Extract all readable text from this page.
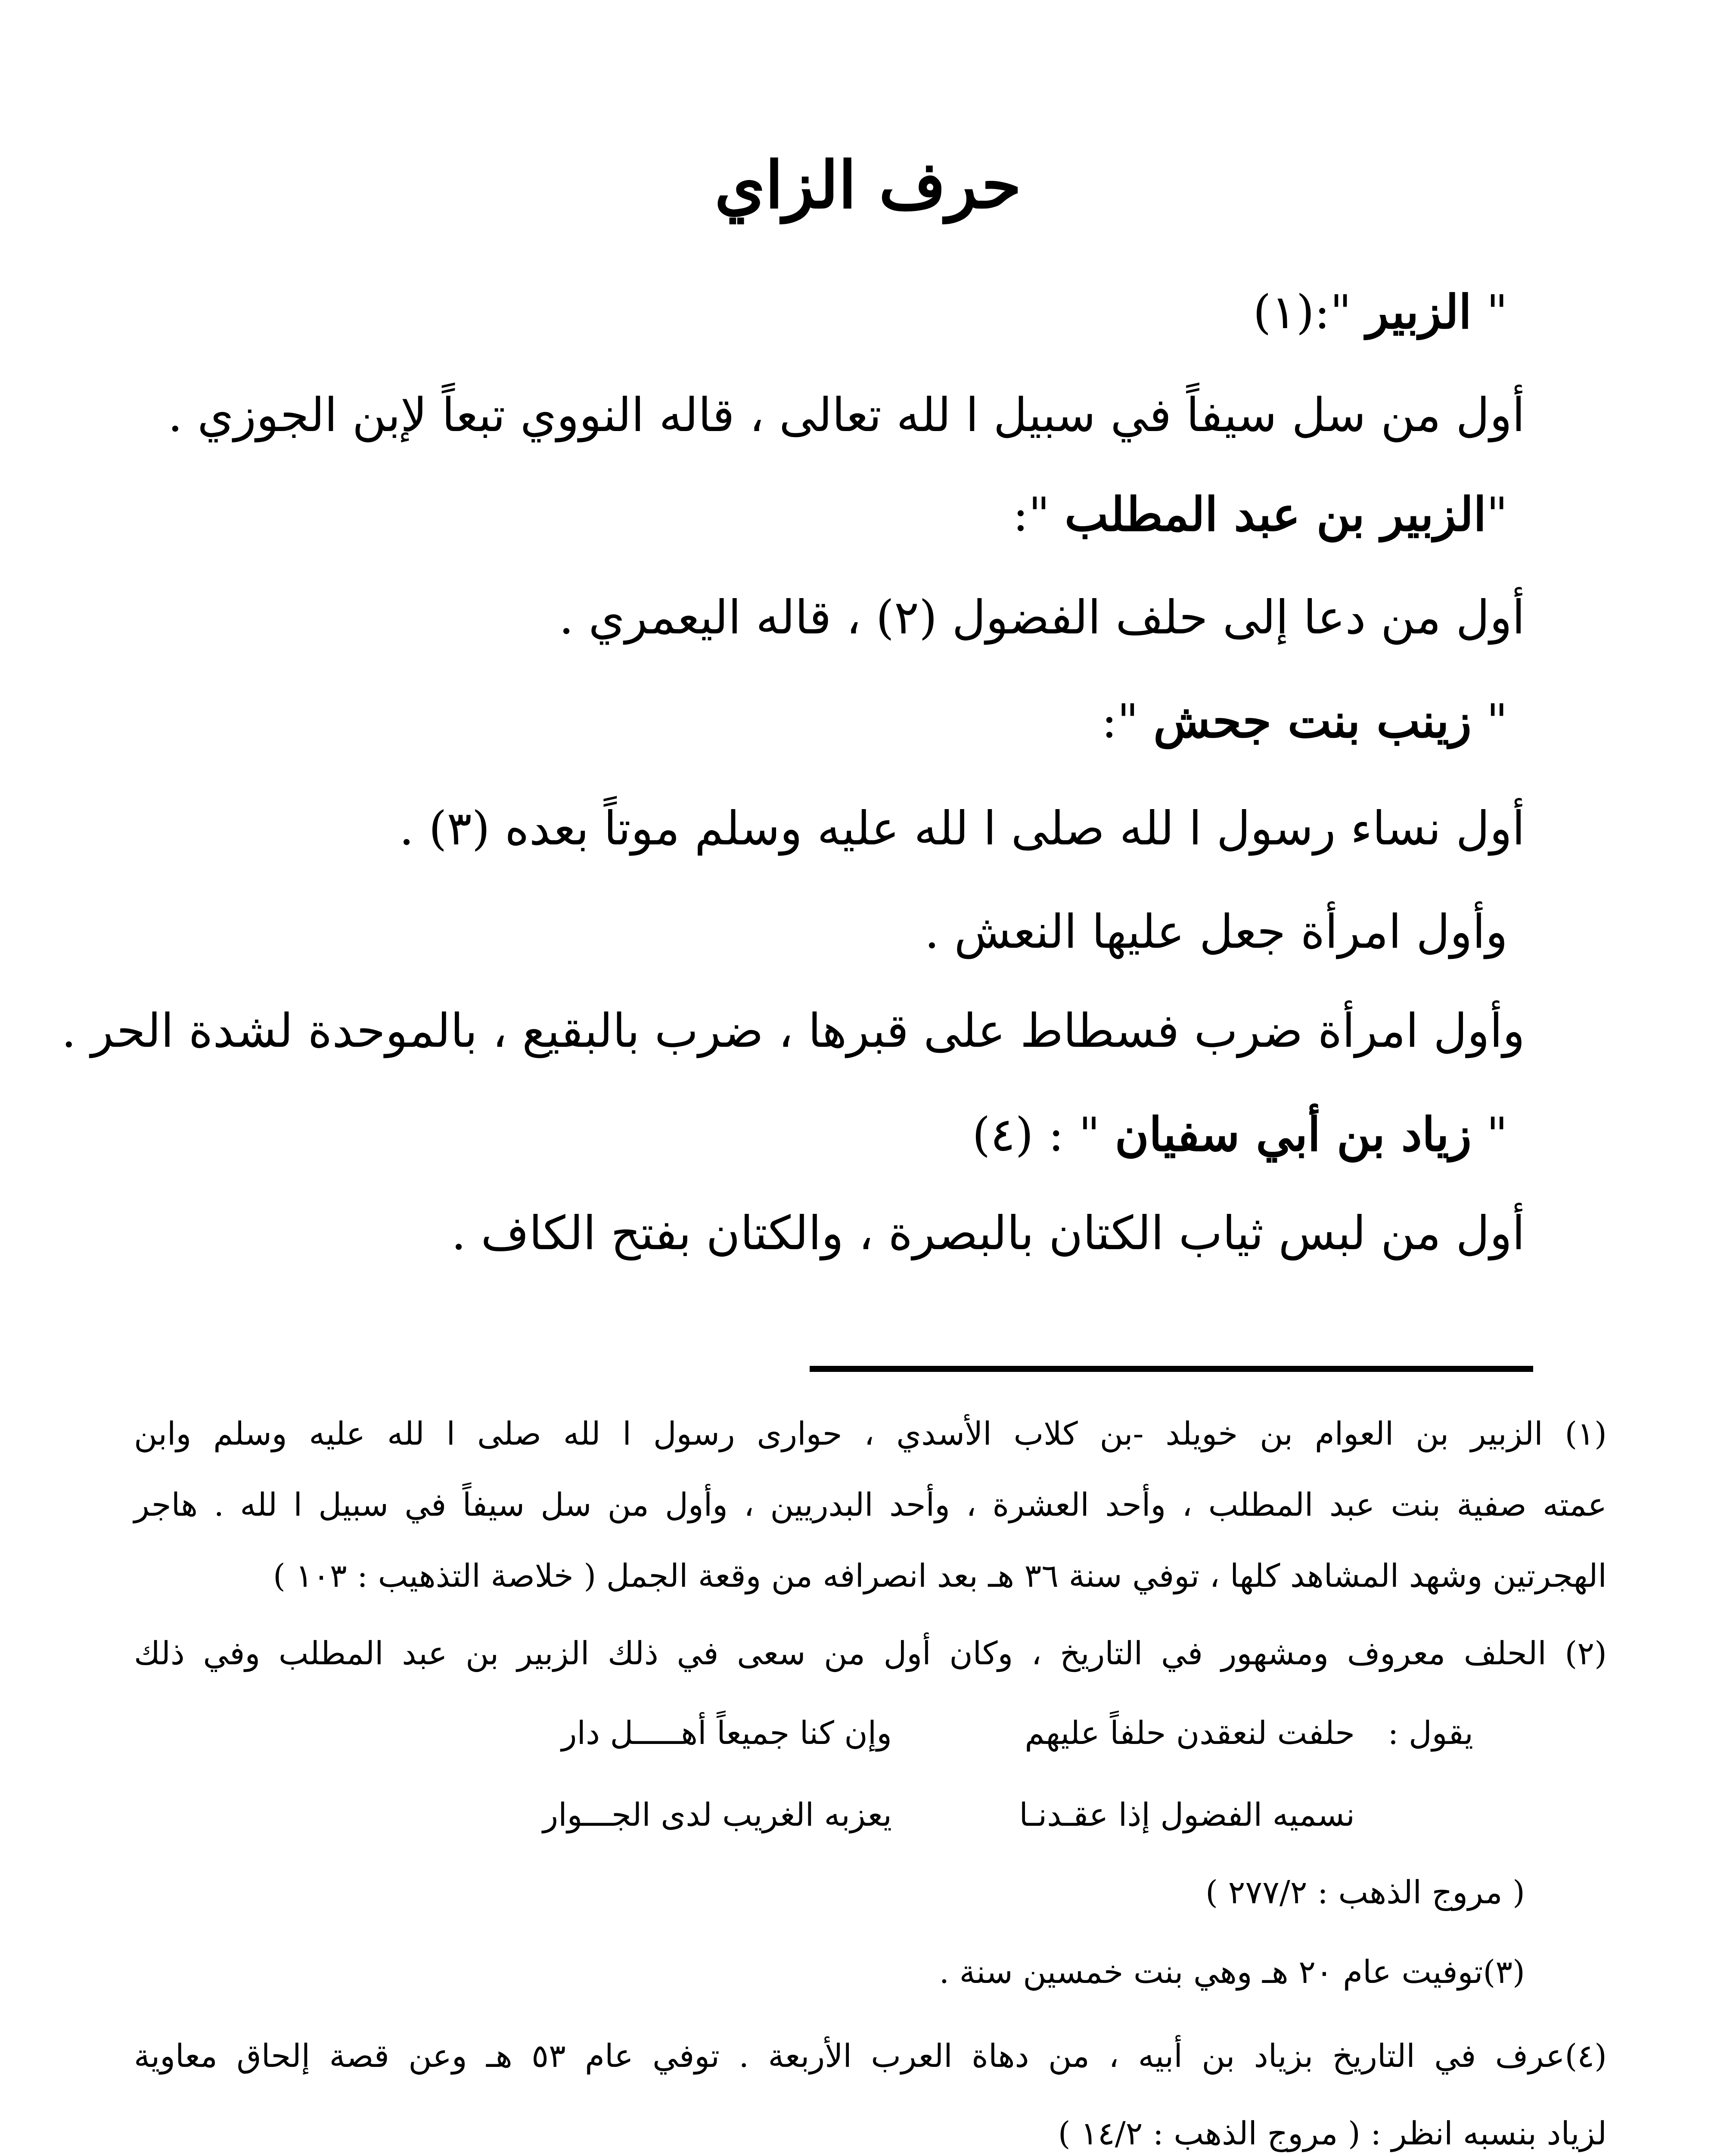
حرف الزاي

" الزبير ":(١)

أول من سل سيفاً في سبيل ا لله تعالى ، قاله النووي تبعاً لإبن الجوزي .

"الزبير بن عبد المطلب ":

أول من دعا إلى حلف الفضول (٢) ، قاله اليعمري .

" زينب بنت جحش ":

أول نساء رسول ا لله صلى ا لله عليه وسلم موتاً بعده (٣) .

وأول امرأة جعل عليها النعش .

وأول امرأة ضرب فسطاط على قبرها ، ضرب بالبقيع ، بالموحدة لشدة الحر .

" زياد بن أبي سفيان " : (٤)

أول من لبس ثياب الكتان بالبصرة ، والكتان بفتح الكاف .

(١) الزبير بن العوام بن خويلد -بن كلاب الأسدي ، حوارى رسول ا لله صلى ا لله عليه وسلم وابن

عمته صفية بنت عبد المطلب ، وأحد العشرة ، وأحد البدريين ، وأول من سل سيفاً في سبيل ا لله . هاجر

الهجرتين وشهد المشاهد كلها ، توفي سنة ٣٦ هـ بعد انصرافه من وقعة الجمل ( خلاصة التذهيب : ١٠٣ )

(٢) الحلف معروف ومشهور في التاريخ ، وكان أول من سعى في ذلك الزبير بن عبد المطلب وفي ذلك

يقول :
حلفت لنعقدن حلفاً عليهم
وإن كنا جميعاً أهـــــل دار
نسميه الفضول إذا عقـدنـا
يعزبه الغريب لدى الجـــوار

( مروج الذهب : ٢٧٧/٢ )

(٣)توفيت عام ٢٠ هـ وهي بنت خمسين سنة .

(٤)عرف في التاريخ بزياد بن أبيه ، من دهاة العرب الأربعة . توفي عام ٥٣ هـ وعن قصة إلحاق معاوية

لزياد بنسبه انظر : ( مروج الذهب : ١٤/٢ )
